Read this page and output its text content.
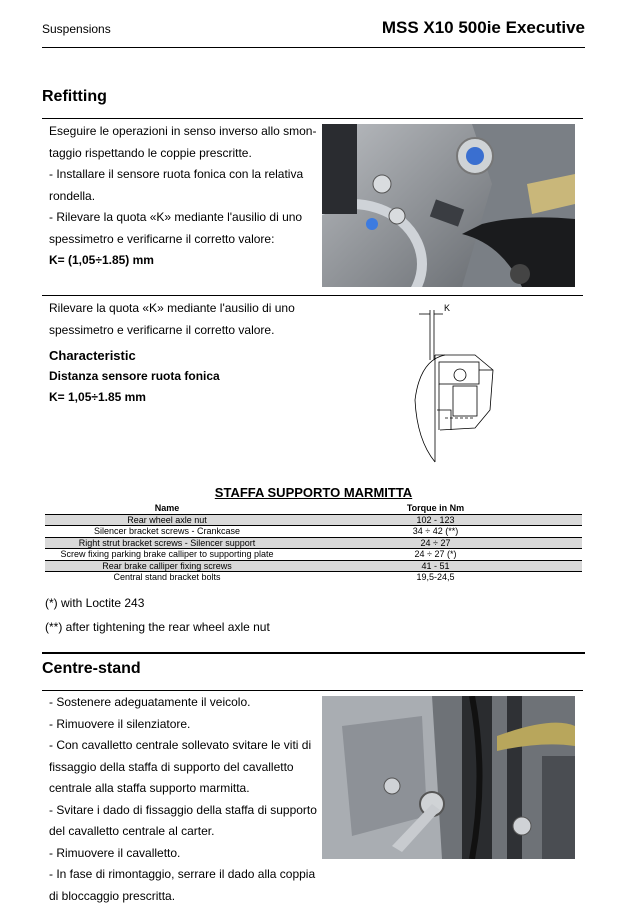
Suspensions	MSS X10 500ie Executive
Refitting

Eseguire le operazioni in senso inverso allo smon-

taggio rispettando le coppie prescritte.

- Installare il sensore ruota fonica con la relativa

rondella.

- Rilevare la quota «K» mediante l'ausilio di uno

spessimetro e verificarne il corretto valore:

K= (1,05÷1.85) mm

Rilevare la quota «K» mediante l'ausilio di uno

spessimetro e verificarne il corretto valore.

Characteristic
Distanza sensore ruota fonica
K= 1,05÷1.85 mm
K
STAFFA SUPPORTO MARMITTA
Name	Torque in Nm
Rear wheel axle nut	102 - 123
Silencer bracket screws - Crankcase	34 ÷ 42 (**)
Right strut bracket screws - Silencer support	24 ÷ 27
Screw fixing parking brake calliper to supporting plate	24 ÷ 27 (*)
Rear brake calliper fixing screws	41 - 51
Central stand bracket bolts	19,5-24,5
(*) with Loctite 243
(**) after tightening the rear wheel axle nut
Centre-stand

- Sostenere adeguatamente il veicolo.

- Rimuovere il silenziatore.

- Con cavalletto centrale sollevato svitare le viti di

fissaggio della staffa di supporto del cavalletto

centrale alla staffa supporto marmitta.

- Svitare i dado di fissaggio della staffa di supporto

del cavalletto centrale al carter.

- Rimuovere il cavalletto.

- In fase di rimontaggio, serrare il dado alla coppia

di bloccaggio prescritta.
